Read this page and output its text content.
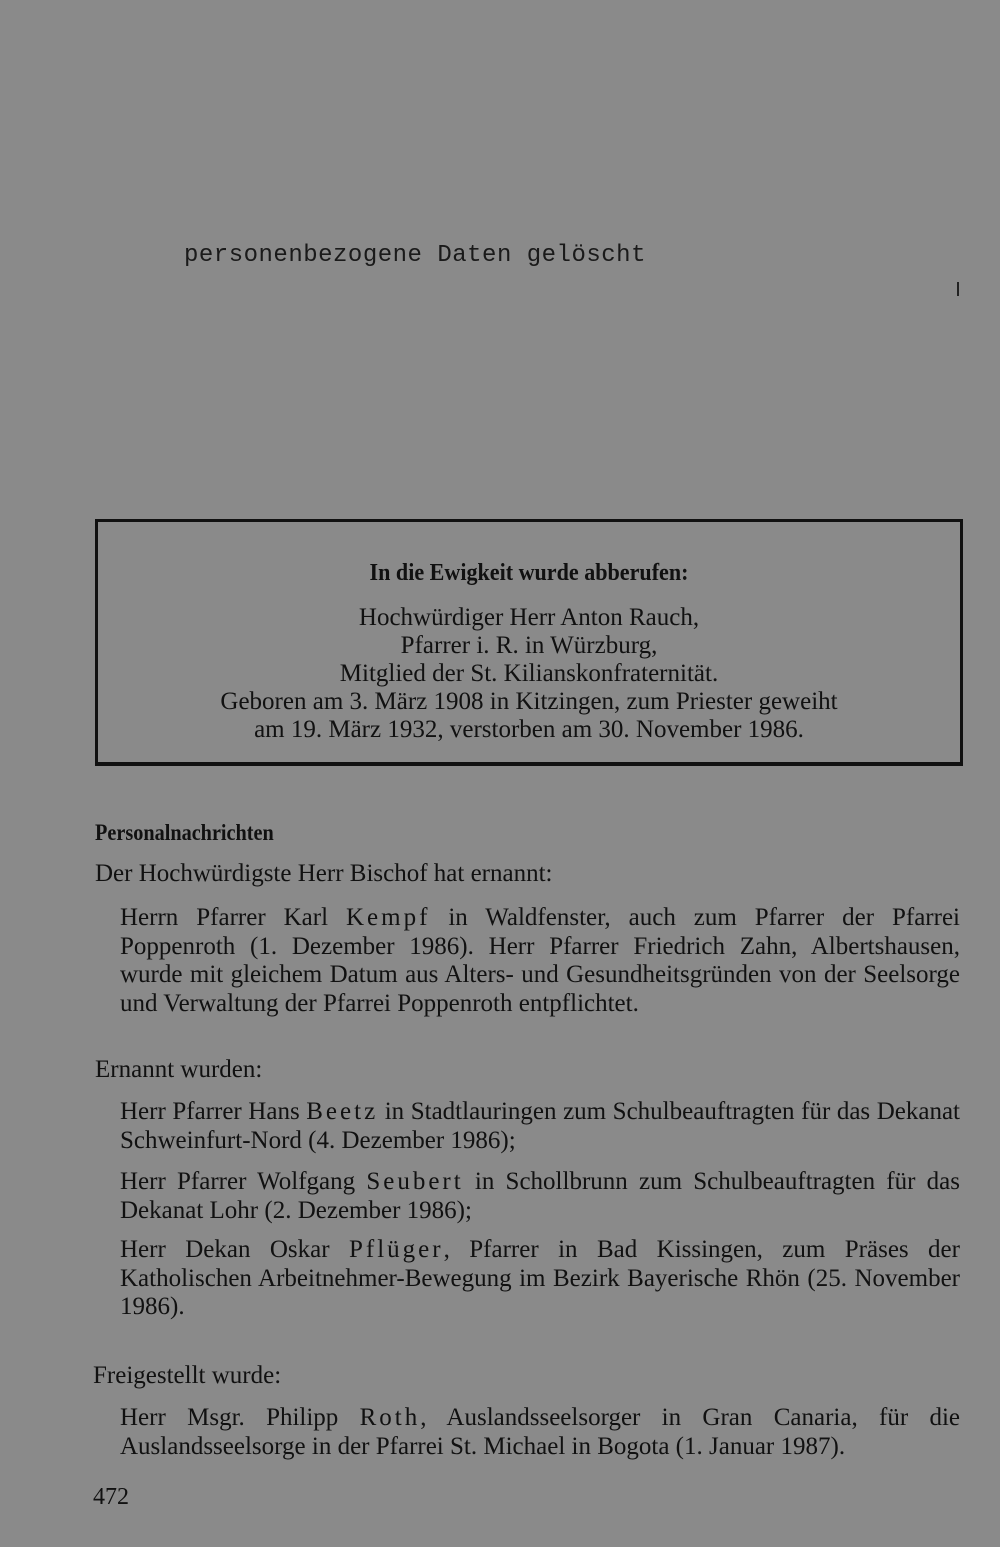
personenbezogene Daten gelöscht
In die Ewigkeit wurde abberufen:
Hochwürdiger Herr Anton Rauch,
Pfarrer i. R. in Würzburg,
Mitglied der St. Kilianskonfraternität.
Geboren am 3. März 1908 in Kitzingen, zum Priester geweiht
am 19. März 1932, verstorben am 30. November 1986.
Personalnachrichten
Der Hochwürdigste Herr Bischof hat ernannt:
Herrn Pfarrer Karl Kempf in Waldfenster, auch zum Pfarrer der Pfarrei Poppenroth (1. Dezember 1986). Herr Pfarrer Friedrich Zahn, Albertshausen, wurde mit gleichem Datum aus Alters- und Gesundheitsgründen von der Seelsorge und Verwaltung der Pfarrei Poppenroth entpflichtet.
Ernannt wurden:
Herr Pfarrer Hans Beetz in Stadtlauringen zum Schulbeauftragten für das Dekanat Schweinfurt-Nord (4. Dezember 1986);
Herr Pfarrer Wolfgang Seubert in Schollbrunn zum Schulbeauftragten für das Dekanat Lohr (2. Dezember 1986);
Herr Dekan Oskar Pflüger, Pfarrer in Bad Kissingen, zum Präses der Katholischen Arbeitnehmer-Bewegung im Bezirk Bayerische Rhön (25. November 1986).
Freigestellt wurde:
Herr Msgr. Philipp Roth, Auslandsseelsorger in Gran Canaria, für die Auslandsseelsorge in der Pfarrei St. Michael in Bogota (1. Januar 1987).
472
